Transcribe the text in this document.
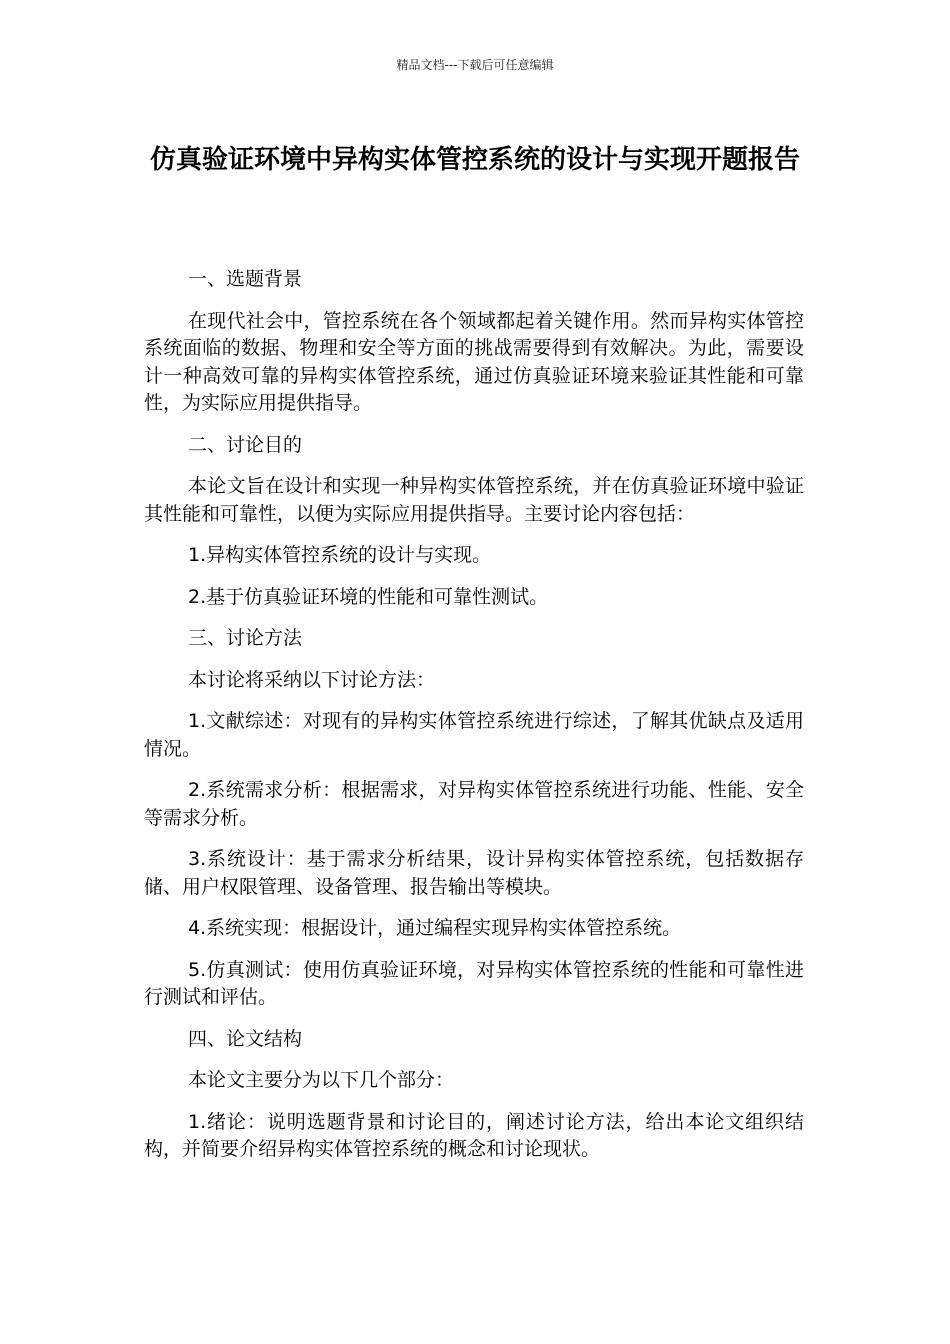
精品文档---下载后可任意编辑
仿真验证环境中异构实体管控系统的设计与实现开题报告

一、选题背景

在现代社会中，管控系统在各个领域都起着关键作用。然而异构实体管控系统面临的数据、物理和安全等方面的挑战需要得到有效解决。为此，需要设计一种高效可靠的异构实体管控系统，通过仿真验证环境来验证其性能和可靠性，为实际应用提供指导。

二、讨论目的

本论文旨在设计和实现一种异构实体管控系统，并在仿真验证环境中验证其性能和可靠性，以便为实际应用提供指导。主要讨论内容包括：

1.异构实体管控系统的设计与实现。

2.基于仿真验证环境的性能和可靠性测试。

三、讨论方法

本讨论将采纳以下讨论方法：

1.文献综述：对现有的异构实体管控系统进行综述，了解其优缺点及适用情况。

2.系统需求分析：根据需求，对异构实体管控系统进行功能、性能、安全等需求分析。

3.系统设计：基于需求分析结果，设计异构实体管控系统，包括数据存储、用户权限管理、设备管理、报告输出等模块。

4.系统实现：根据设计，通过编程实现异构实体管控系统。

5.仿真测试：使用仿真验证环境，对异构实体管控系统的性能和可靠性进行测试和评估。

四、论文结构

本论文主要分为以下几个部分：

1.绪论：说明选题背景和讨论目的，阐述讨论方法，给出本论文组织结构，并简要介绍异构实体管控系统的概念和讨论现状。
